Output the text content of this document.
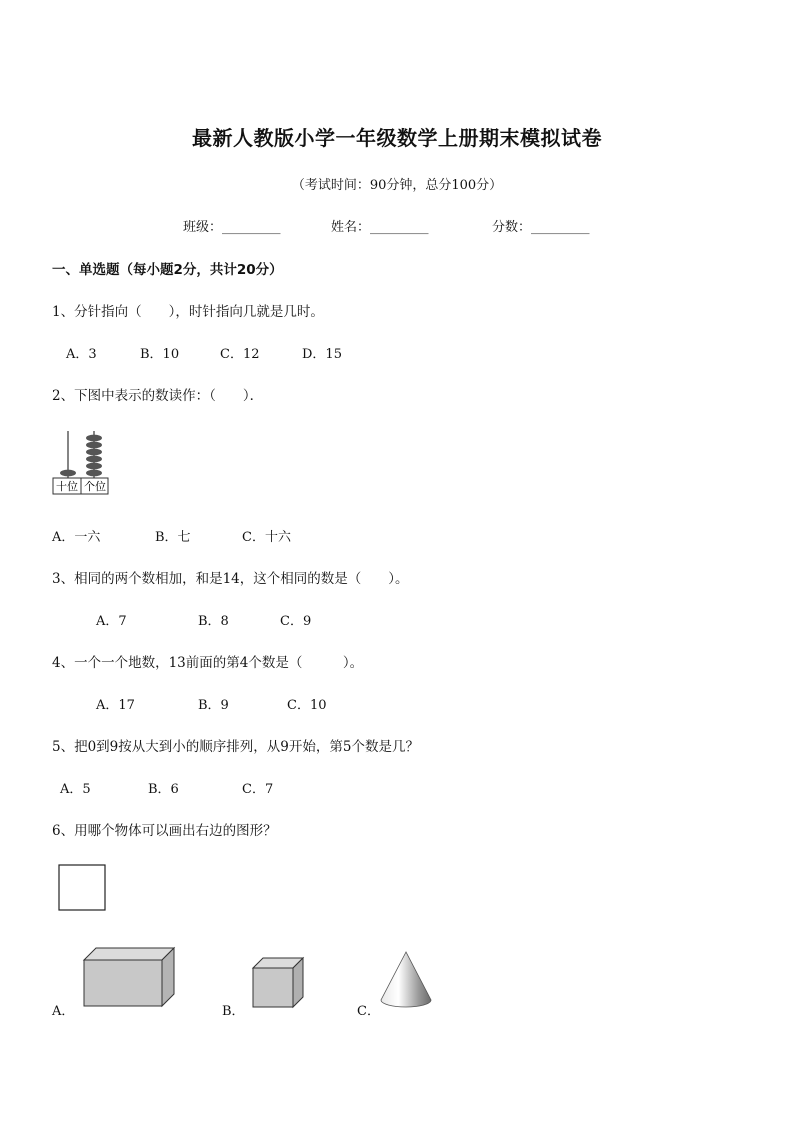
最新人教版小学一年级数学上册期末模拟试卷
（考试时间：90分钟，总分100分）
班级：_________	姓名：_________	分数：_________
一、单选题（每小题2分，共计20分）
1、分针指向（　　），时针指向几就是几时。
A．3	B．10	C．12	D．15
2、下图中表示的数读作：（　　）．
十位 个位
A．一六	B．七	C．十六
3、相同的两个数相加，和是14，这个相同的数是（　　）。
A．7	B．8	C．9
4、一个一个地数，13前面的第4个数是（　　　）。
A．17	B．9	C．10
5、把0到9按从大到小的顺序排列，从9开始，第5个数是几？
A．5	B．6	C．7
6、用哪个物体可以画出右边的图形？
A．	B．	C．
